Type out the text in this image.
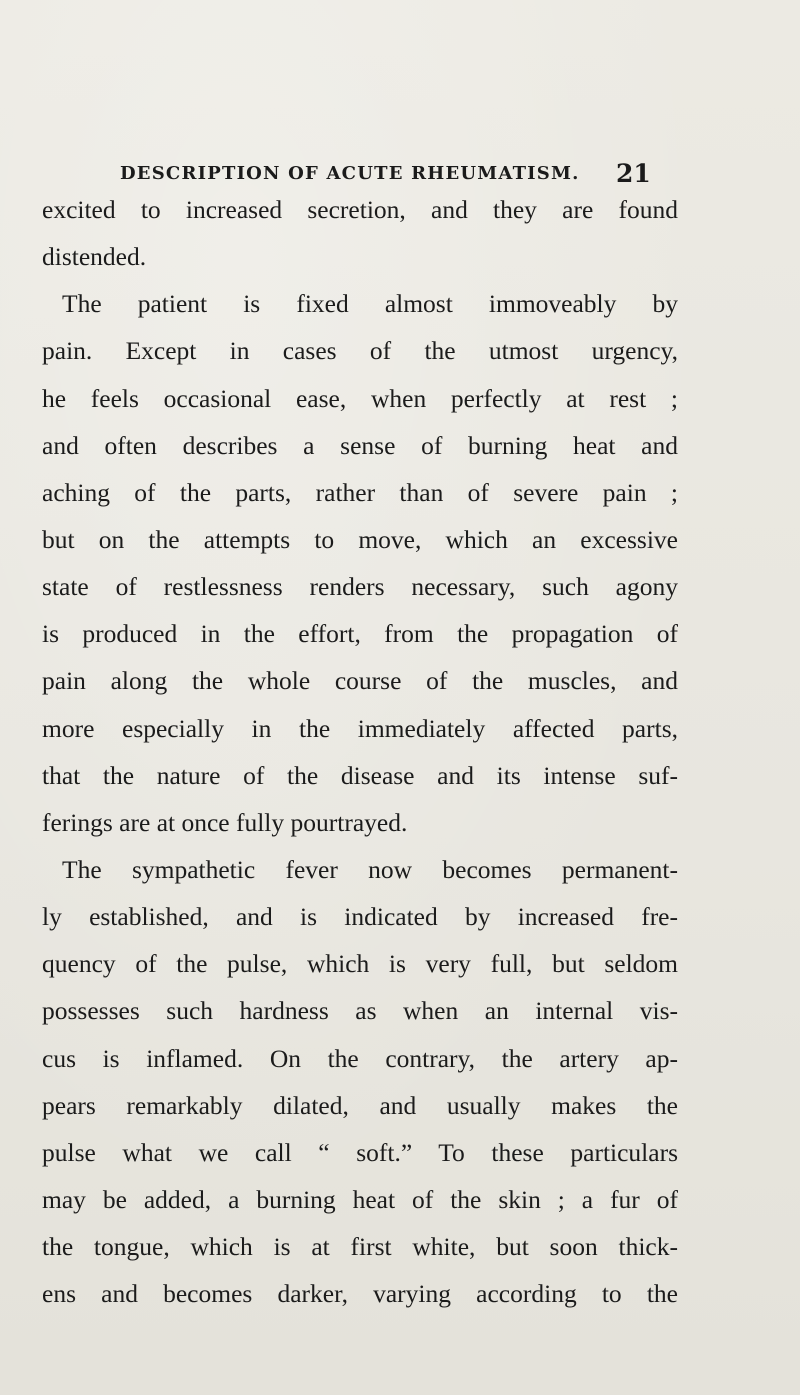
DESCRIPTION OF ACUTE RHEUMATISM. 21
excited to increased secretion, and they are found
distended.
The patient is fixed almost immoveably by
pain. Except in cases of the utmost urgency,
he feels occasional ease, when perfectly at rest ;
and often describes a sense of burning heat and
aching of the parts, rather than of severe pain ;
but on the attempts to move, which an excessive
state of restlessness renders necessary, such agony
is produced in the effort, from the propagation of
pain along the whole course of the muscles, and
more especially in the immediately affected parts,
that the nature of the disease and its intense suf-
ferings are at once fully pourtrayed.
The sympathetic fever now becomes permanent-
ly established, and is indicated by increased fre-
quency of the pulse, which is very full, but seldom
possesses such hardness as when an internal vis-
cus is inflamed. On the contrary, the artery ap-
pears remarkably dilated, and usually makes the
pulse what we call “ soft.” To these particulars
may be added, a burning heat of the skin ; a fur of
the tongue, which is at first white, but soon thick-
ens and becomes darker, varying according to the
